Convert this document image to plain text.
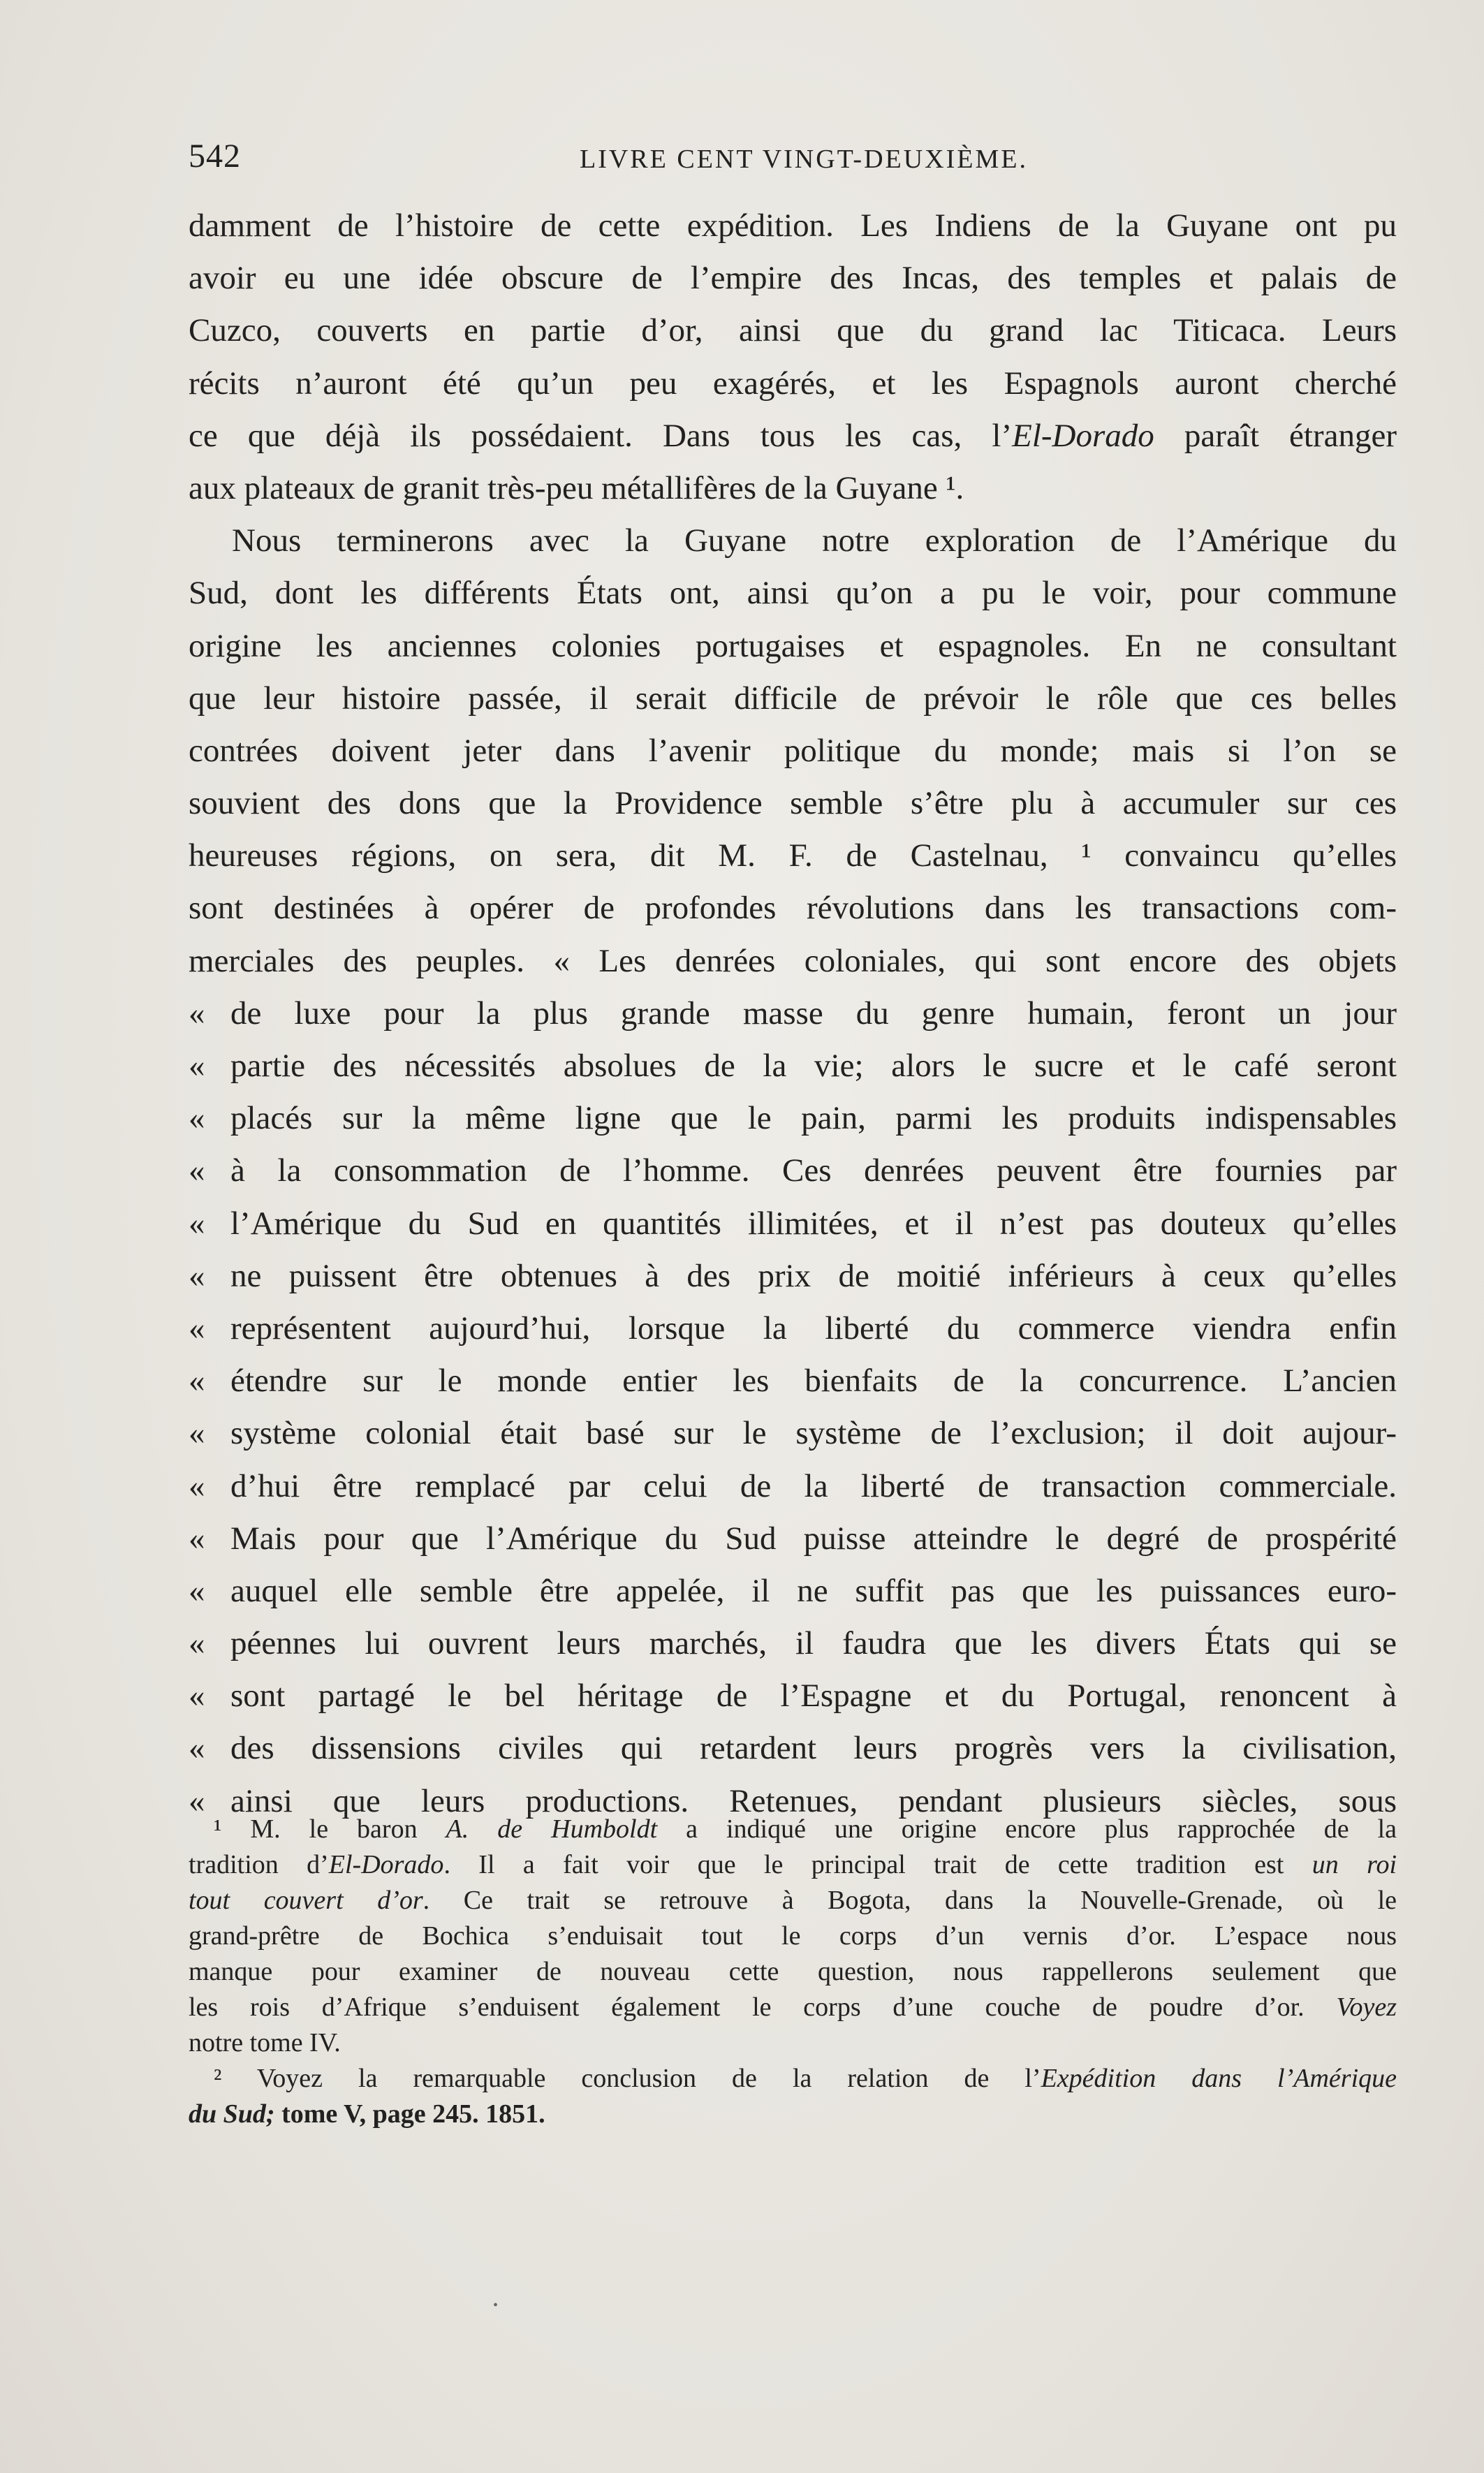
542	LIVRE CENT VINGT-DEUXIÈME.
damment de l’histoire de cette expédition. Les Indiens de la Guyane ont pu
avoir eu une idée obscure de l’empire des Incas, des temples et palais de
Cuzco, couverts en partie d’or, ainsi que du grand lac Titicaca. Leurs
récits n’auront été qu’un peu exagérés, et les Espagnols auront cherché
ce que déjà ils possédaient. Dans tous les cas, l’El-Dorado paraît étranger
aux plateaux de granit très-peu métallifères de la Guyane ¹.
Nous terminerons avec la Guyane notre exploration de l’Amérique du
Sud, dont les différents États ont, ainsi qu’on a pu le voir, pour commune
origine les anciennes colonies portugaises et espagnoles. En ne consultant
que leur histoire passée, il serait difficile de prévoir le rôle que ces belles
contrées doivent jeter dans l’avenir politique du monde; mais si l’on se
souvient des dons que la Providence semble s’être plu à accumuler sur ces
heureuses régions, on sera, dit M. F. de Castelnau, ¹ convaincu qu’elles
sont destinées à opérer de profondes révolutions dans les transactions com-
merciales des peuples. « Les denrées coloniales, qui sont encore des objets
« de luxe pour la plus grande masse du genre humain, feront un jour
« partie des nécessités absolues de la vie; alors le sucre et le café seront
« placés sur la même ligne que le pain, parmi les produits indispensables
« à la consommation de l’homme. Ces denrées peuvent être fournies par
« l’Amérique du Sud en quantités illimitées, et il n’est pas douteux qu’elles
« ne puissent être obtenues à des prix de moitié inférieurs à ceux qu’elles
« représentent aujourd’hui, lorsque la liberté du commerce viendra enfin
« étendre sur le monde entier les bienfaits de la concurrence. L’ancien
« système colonial était basé sur le système de l’exclusion; il doit aujour-
« d’hui être remplacé par celui de la liberté de transaction commerciale.
« Mais pour que l’Amérique du Sud puisse atteindre le degré de prospérité
« auquel elle semble être appelée, il ne suffit pas que les puissances euro-
« péennes lui ouvrent leurs marchés, il faudra que les divers États qui se
« sont partagé le bel héritage de l’Espagne et du Portugal, renoncent à
« des dissensions civiles qui retardent leurs progrès vers la civilisation,
« ainsi que leurs productions. Retenues, pendant plusieurs siècles, sous
¹ M. le baron A. de Humboldt a indiqué une origine encore plus rapprochée de la
tradition d’El-Dorado. Il a fait voir que le principal trait de cette tradition est un roi
tout couvert d’or. Ce trait se retrouve à Bogota, dans la Nouvelle-Grenade, où le
grand-prêtre de Bochica s’enduisait tout le corps d’un vernis d’or. L’espace nous
manque pour examiner de nouveau cette question, nous rappellerons seulement que
les rois d’Afrique s’enduisent également le corps d’une couche de poudre d’or. Voyez
notre tome IV.
² Voyez la remarquable conclusion de la relation de l’Expédition dans l’Amérique
du Sud; tome V, page 245. 1851.
•
